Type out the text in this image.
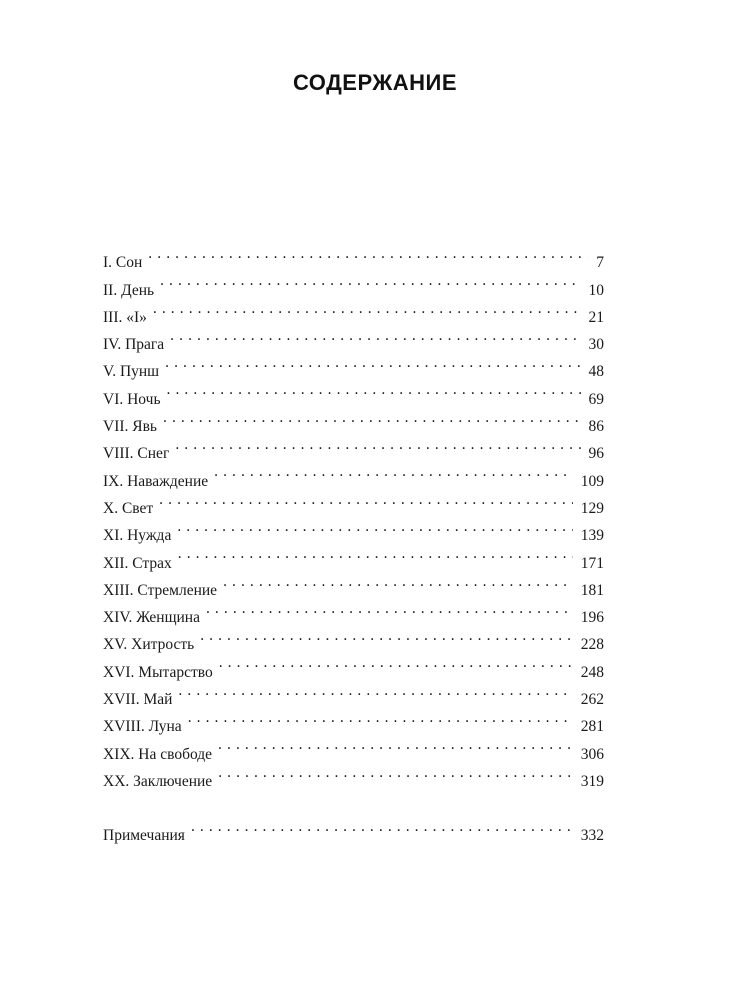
СОДЕРЖАНИЕ
I. Сон . . .	7
II. День . . .	10
III. «I» . . .	21
IV. Прага . . .	30
V. Пунш . . .	48
VI. Ночь . . .	69
VII. Явь . . .	86
VIII. Снег . . .	96
IX. Наваждение . . .	109
X. Свет . . .	129
XI. Нужда . . .	139
XII. Страх . . .	171
XIII. Стремление . . .	181
XIV. Женщина . . .	196
XV. Хитрость . . .	228
XVI. Мытарство . . .	248
XVII. Май . . .	262
XVIII. Луна . . .	281
XIX. На свободе . . .	306
XX. Заключение . . .	319
Примечания . . .	332
